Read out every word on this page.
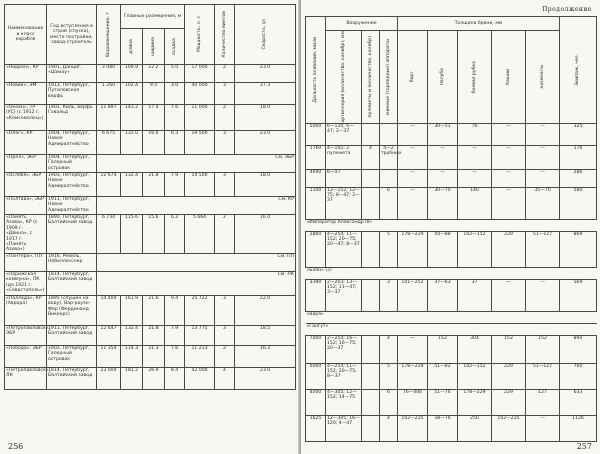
Наименование и класс корабля	Год вступления в строй (спуска), место постройки, завод-строитель	Водоизмещение, т	Главные размерения, м			Мощность, л. с	Количество винтов	Скорость, уз

			длина	ширина	осадка			

«Ниppон», КР	1901, Данциг, «Шихау»	3 080	109.9	12.2	5.0	17 000	2	23.0
«Новик», ЭМ	1913, Петербург, Путиловская верфь	1 260	102.4	9.5	3.0	40 000	3	37.3
«Океан», ТР (УС) (с 1912 г. «Комсомолец»)	1902, Киль, верфь Говальд	11 897	143.2	17.4	7.6	11 000	2	18.0
«Олег», КР	1904, Петербург, Новое Адмиралтейство	6 675	132.0	16.6	6.3	19 500	3	23.0
«Орел», ЭБР	1904, Петербург, Галерный островок	См. ЭБР						
«Ослябя», ЭБР	1903, Петербург, Новое Адмиралтейство	12 674	132.4	21.8	7.9	14 500	3	18.0
«Полтава», ЭБР	1911, Петербург, Новое Адмиралтейство	См. КР						
«Память Азова», КР (с 1909 г. «Двина», с 1917 г. «Память Азова»)	1890, Петербург, Балтийский завод	6 734	115.6	15.6	6.2	5 664	2	16.0
«Пантера», ПЛ	1916, Ревель, Нобеллесcнер	См. ПЛ						
«Парижская коммуна», ЛК (до 1921 г. «Севастополь»)	1914, Петербург, Балтийский завод	См. ЛК						
«Паллада», КР (Аврора)	1895 (спущен на воду), Вар-роуэн-Фер (Фердинанд Виккерс)	14 400	161.9	21.6	9.4	25 722	3	22.0
«Петропавловск», ЭБР	1911, Петербург, Балтийский завод	12 647	132.4	21.8	7.9	13 775	3	18.5
«Победа», ЭБР	1902, Петербург, Галерный островок	11 354	114.3	21.3	7.6	11 213	2	16.3
«Петропавловск», ЛК	1914, Петербург, Балтийский завод	23 000	181.2	26.9	8.4	42 000	4	23.0
256
Продолжение
Дальность плавания, мили	Вооружение			Толщина брони, мм					Экипаж, чел.

	артиллерия (количество, калибр), мм	пулеметы и (количество, калибр)	минные (торпедные) аппараты	борт	палуба	боевая рубка	башни	казематы	

5000	6—120; 6—47; 2—37			—	30—51	76	—	—	325
1760	4—102; 2 пулемета	4	4—2 трубных	—	—	—	—	—	170
4690	6—47			—	—	—	—	—	286
1100	12—152; 12—75; 8—47; 2—37		6	—	30—70	140	—	35—70	580
«Император Александр III»									
2860	4—254; 11—152; 20—75; 20—47; 8—37		5	178—229	44—88	102—152	229	51—127	869
«Баян» (2)									
3390	2—203; 13—152; 11—47; 3—37		3	101—252	37—63	37	—	—	569
«Варя»									
«Гангут»									
7000	2—254; 16—152; 16—75; 20—37		4	—	152	304	152	152	894
6000	4—254; 11—152; 20—75; 8—37		5	178—229	51—82	102—152	229	51—127	760
4000	4—305; 12—152; 14—75		6	76—406	51—76	178—229	229	127	633
1625	12—305; 16—120; 4—47		4	102—225	38—76	250	102—225	—	1126
257
